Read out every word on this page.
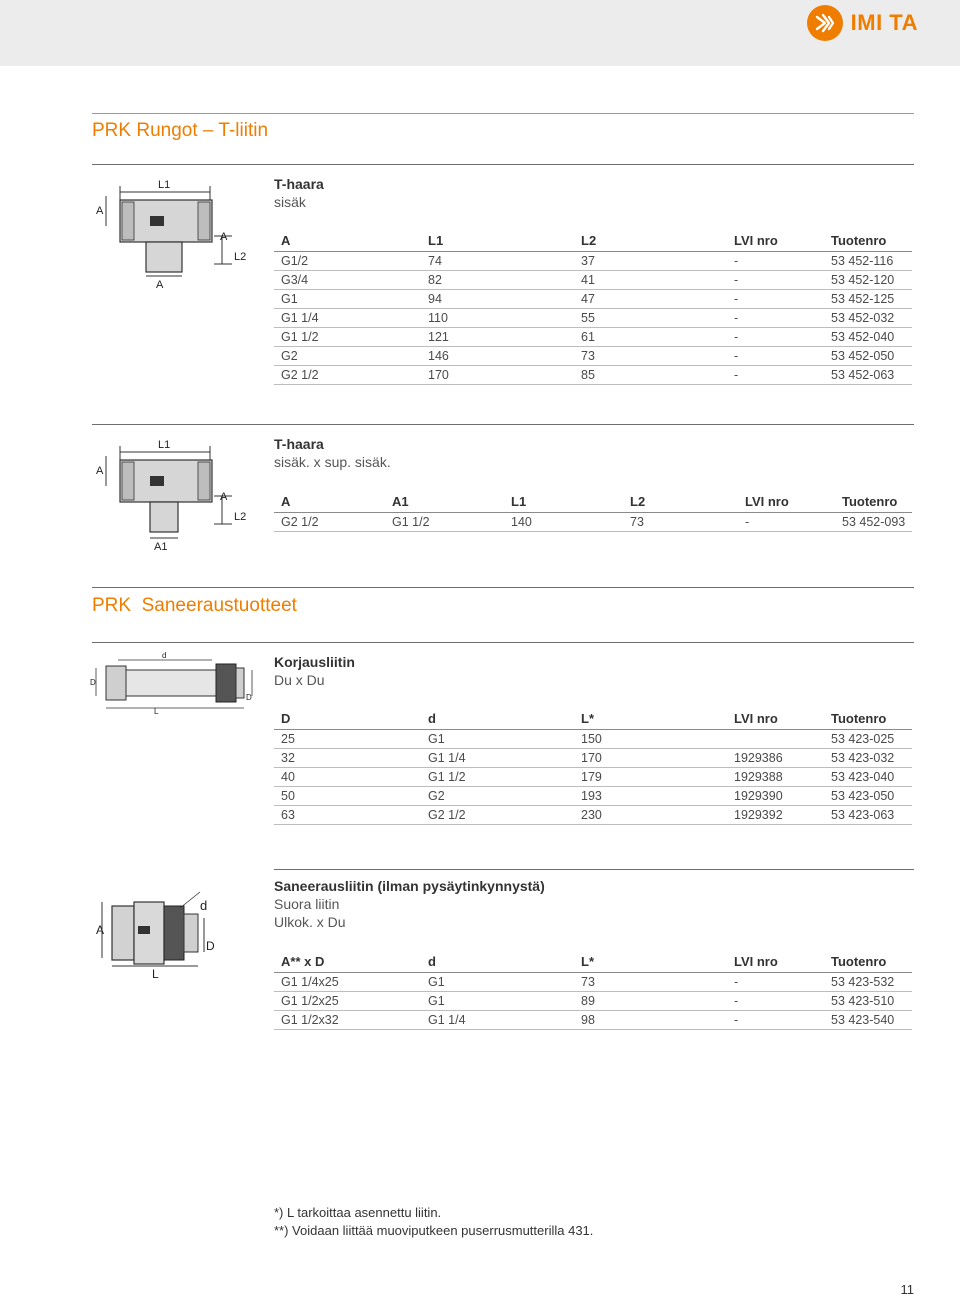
IMI TA
PRK Rungot – T-liitin
L1
A
A
L2
A
T-haara
sisäk
A	L1	L2	LVI nro	Tuotenro
G1/2	74	37	-	53 452-116
G3/4	82	41	-	53 452-120
G1	94	47	-	53 452-125
G1 1/4	110	55	-	53 452-032
G1 1/2	121	61	-	53 452-040
G2	146	73	-	53 452-050
G2 1/2	170	85	-	53 452-063
L1
A
A
L2
A1
T-haara
sisäk. x sup. sisäk.
A	A1	L1	L2	LVI nro	Tuotenro
G2 1/2	G1 1/2	140	73	-	53 452-093
PRK  Saneeraustuotteet
d
D
D
L
Korjausliitin
Du x Du
D	d	L*	LVI nro	Tuotenro
25	G1	150		53 423-025
32	G1 1/4	170	1929386	53 423-032
40	G1 1/2	179	1929388	53 423-040
50	G2	193	1929390	53 423-050
63	G2 1/2	230	1929392	53 423-063
A
d
D
L
Saneerausliitin (ilman pysäytinkynnystä)
Suora liitin
Ulkok. x Du
A** x D	d	L*	LVI nro	Tuotenro
G1 1/4x25	G1	73	-	53 423-532
G1 1/2x25	G1	89	-	53 423-510
G1 1/2x32	G1 1/4	98	-	53 423-540
*) L tarkoittaa asennettu liitin.
**) Voidaan liittää muoviputkeen puserrusmutterilla 431.
11
